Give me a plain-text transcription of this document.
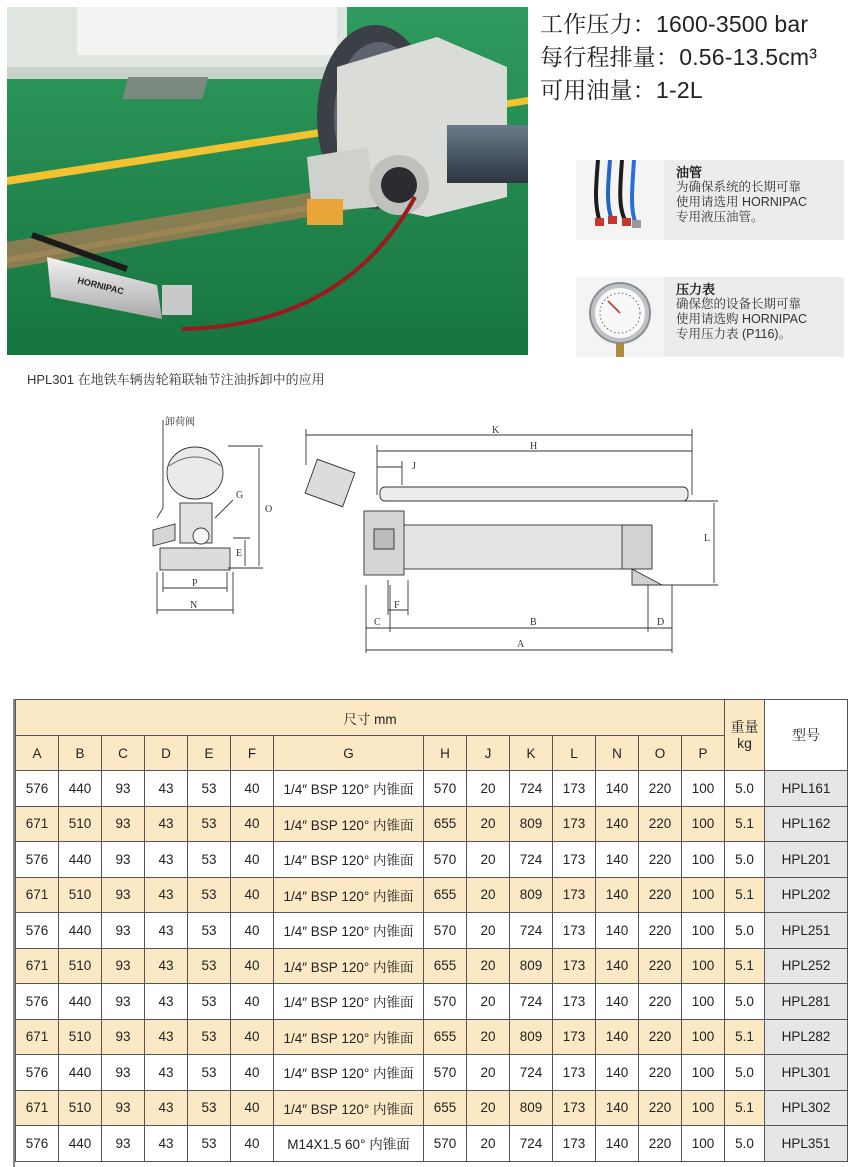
HORNIPAC
HPL301 在地铁车辆齿轮箱联轴节注油拆卸中的应用
工作压力：1600-3500 bar
每行程排量：0.56-13.5cm³
可用油量：1-2L
油管
为确保系统的长期可靠
使用请选用 HORNIPAC
专用液压油管。
压力表
确保您的设备长期可靠
使用请选购 HORNIPAC
专用压力表 (P116)。
卸荷阀
G
O
E
P
N
K
H
J
L
F
C	B	D
A
尺寸 mm														重量
kg	型号
A	B	C	D	E	F	G	H	J	K	L	N	O	P		
576	440	93	43	53	40	1/4″ BSP 120° 内锥面	570	20	724	173	140	220	100	5.0	HPL161
671	510	93	43	53	40	1/4″ BSP 120° 内锥面	655	20	809	173	140	220	100	5.1	HPL162
576	440	93	43	53	40	1/4″ BSP 120° 内锥面	570	20	724	173	140	220	100	5.0	HPL201
671	510	93	43	53	40	1/4″ BSP 120° 内锥面	655	20	809	173	140	220	100	5.1	HPL202
576	440	93	43	53	40	1/4″ BSP 120° 内锥面	570	20	724	173	140	220	100	5.0	HPL251
671	510	93	43	53	40	1/4″ BSP 120° 内锥面	655	20	809	173	140	220	100	5.1	HPL252
576	440	93	43	53	40	1/4″ BSP 120° 内锥面	570	20	724	173	140	220	100	5.0	HPL281
671	510	93	43	53	40	1/4″ BSP 120° 内锥面	655	20	809	173	140	220	100	5.1	HPL282
576	440	93	43	53	40	1/4″ BSP 120° 内锥面	570	20	724	173	140	220	100	5.0	HPL301
671	510	93	43	53	40	1/4″ BSP 120° 内锥面	655	20	809	173	140	220	100	5.1	HPL302
576	440	93	43	53	40	M14X1.5 60° 内锥面	570	20	724	173	140	220	100	5.0	HPL351
